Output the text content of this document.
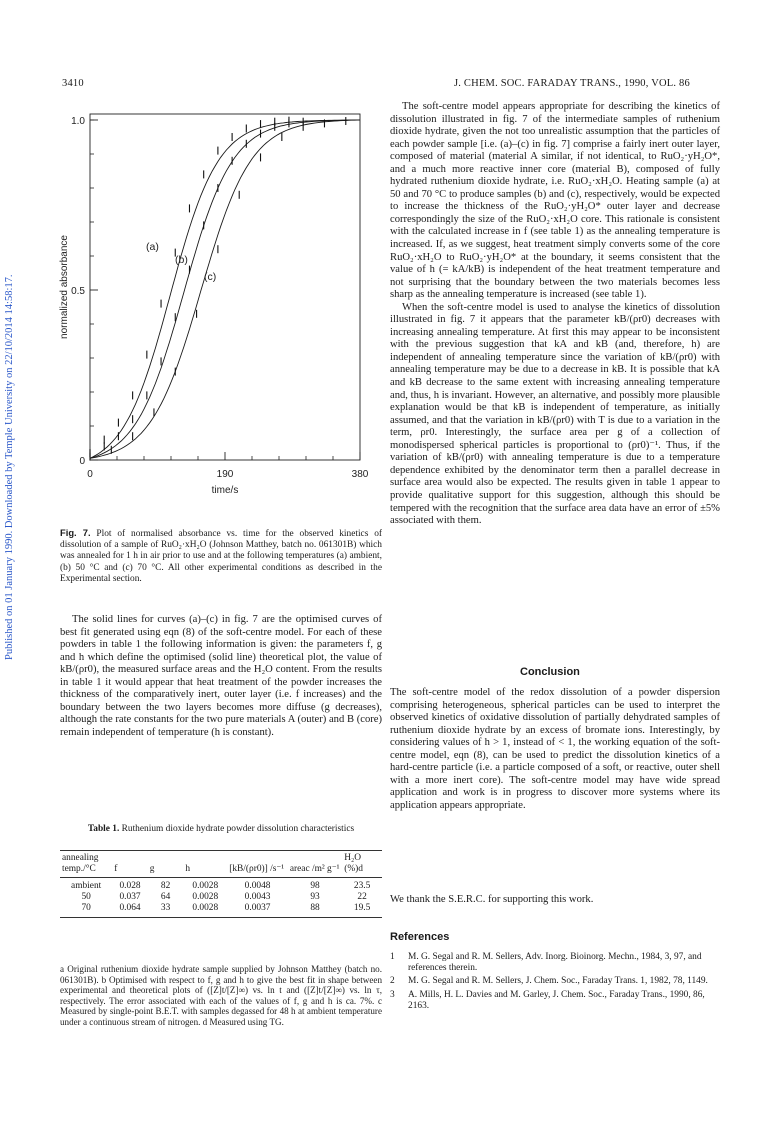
3410	J. CHEM. SOC. FARADAY TRANS., 1990, VOL. 86
Published on 01 January 1990. Downloaded by Temple University on 22/10/2014 14:58:17.	0
0.5
1.0
0	190	380
time/s
normalized absorbance	(a)
(b)
(c)
Fig. 7. Plot of normalised absorbance vs. time for the observed kinetics of dissolution of a sample of RuO₂·xH₂O (Johnson Matthey, batch no. 061301B) which was annealed for 1 h in air prior to use and at the following temperatures (a) ambient, (b) 50 °C and (c) 70 °C. All other experimental conditions as described in the Experimental section.

The solid lines for curves (a)–(c) in fig. 7 are the optimised curves of best fit generated using eqn (8) of the soft-centre model. For each of these powders in table 1 the following information is given: the parameters f, g and h which define the optimised (solid line) theoretical plot, the value of kB/(ρr0), the measured surface areas and the H₂O content. From the results in table 1 it would appear that heat treatment of the powder increases the thickness of the comparatively inert, outer layer (i.e. f increases) and the boundary between the two layers becomes more diffuse (g decreases), although the rate constants for the two pure materials A (outer) and B (core) remain independent of temperature (h is constant).

Table 1. Ruthenium dioxide hydrate powder dissolution characteristics
annealing temp./°C	f	g	h	[kB/(ρr0)] /s⁻¹	areac /m² g⁻¹	H₂O (%)d
ambient	0.028	82	0.0028	0.0048	98	23.5
50	0.037	64	0.0028	0.0043	93	22
70	0.064	33	0.0028	0.0037	88	19.5
a Original ruthenium dioxide hydrate sample supplied by Johnson Matthey (batch no. 061301B). b Optimised with respect to f, g and h to give the best fit in shape between experimental and theoretical plots of ([Z]t/[Z]∞) vs. ln t and ([Z]t/[Z]∞) vs. ln τ, respectively. The error associated with each of the values of f, g and h is ca. 7%. c Measured by single-point B.E.T. with samples degassed for 48 h at ambient temperature under a continuous stream of nitrogen. d Measured using TG.

The soft-centre model appears appropriate for describing the kinetics of dissolution illustrated in fig. 7 of the intermediate samples of ruthenium dioxide hydrate, given the not too unrealistic assumption that the particles of each powder sample [i.e. (a)–(c) in fig. 7] comprise a fairly inert outer layer, composed of material (material A similar, if not identical, to RuO₂·yH₂O*, and a much more reactive inner core (material B), composed of fully hydrated ruthenium dioxide hydrate, i.e. RuO₂·xH₂O. Heating sample (a) at 50 and 70 °C to produce samples (b) and (c), respectively, would be expected to increase the thickness of the RuO₂·yH₂O* outer layer and decrease correspondingly the size of the RuO₂·xH₂O core. This rationale is consistent with the calculated increase in f (see table 1) as the annealing temperature is increased. If, as we suggest, heat treatment simply converts some of the core RuO₂·xH₂O to RuO₂·yH₂O* at the boundary, it seems consistent that the value of h (= kA/kB) is independent of the heat treatment temperature and not surprising that the boundary between the two materials becomes less sharp as the annealing temperature is increased (see table 1).

When the soft-centre model is used to analyse the kinetics of dissolution illustrated in fig. 7 it appears that the parameter kB/(ρr0) decreases with increasing annealing temperature. At first this may appear to be inconsistent with the previous suggestion that kA and kB (and, therefore, h) are independent of annealing temperature since the variation of kB/(ρr0) with annealing temperature may be due to a decrease in kB. It is possible that kA and kB decrease to the same extent with increasing annealing temperature and, thus, h is invariant. However, an alternative, and possibly more plausible explanation would be that kB is independent of temperature, as initially assumed, and that the variation in kB/(ρr0) with T is due to a variation in the term, ρr0. Interestingly, the surface area per g of a collection of monodispersed spherical particles is proportional to (ρr0)⁻¹. Thus, if the variation of kB/(ρr0) with annealing temperature is due to a temperature dependence exhibited by the denominator term then a parallel decrease in surface area would also be expected. The results given in table 1 appear to provide qualitative support for this suggestion, although this should be tempered with the recognition that the surface area data have an error of ±5% associated with them.

Conclusion

The soft-centre model of the redox dissolution of a powder dispersion comprising heterogeneous, spherical particles can be used to interpret the observed kinetics of oxidative dissolution of partially dehydrated samples of ruthenium dioxide hydrate by an excess of bromate ions. Interestingly, by considering values of h > 1, instead of < 1, the working equation of the soft-centre model, eqn (8), can be used to predict the dissolution kinetics of a hard-centre particle (i.e. a particle composed of a soft, or reactive, outer shell with a more inert core). The soft-centre model may have wide spread application and work is in progress to discover more systems where its application appears appropriate.

We thank the S.E.R.C. for supporting this work.

References
1 M. G. Segal and R. M. Sellers, Adv. Inorg. Bioinorg. Mechn., 1984, 3, 97, and references therein.
2 M. G. Segal and R. M. Sellers, J. Chem. Soc., Faraday Trans. 1, 1982, 78, 1149.
3 A. Mills, H. L. Davies and M. Garley, J. Chem. Soc., Faraday Trans., 1990, 86, 2163.
